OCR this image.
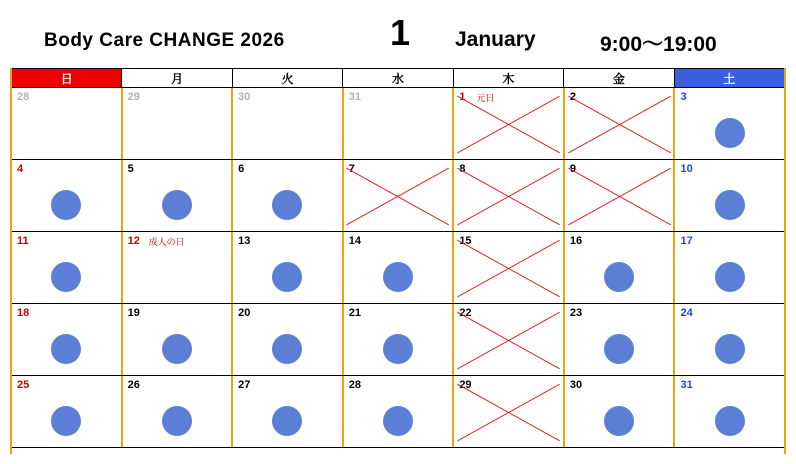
Body Care CHANGE 2026	1 January	9:00〜19:00
日	月	火	水	木	金	土
28	29	30	31	1 元日	2	3
4	5	6	7	8	9	10
11	12 成人の日	13	14	15	16	17
18	19	20	21	22	23	24
25	26	27	28	29	30	31
